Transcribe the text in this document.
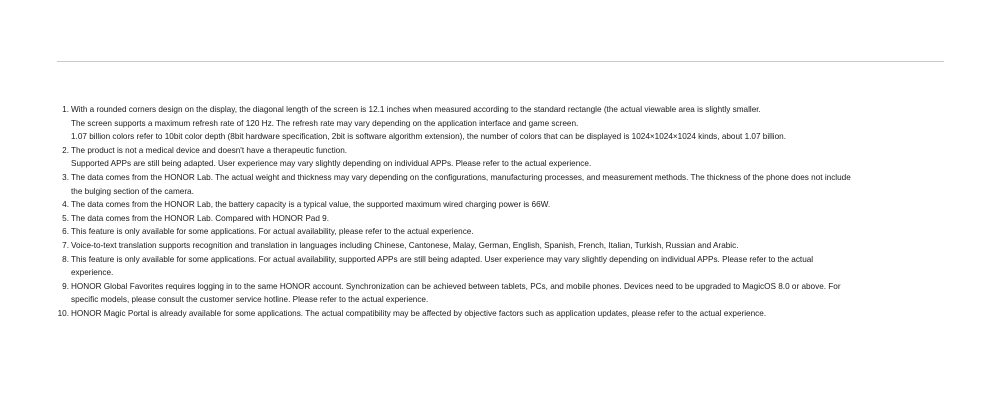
1. With a rounded corners design on the display, the diagonal length of the screen is 12.1 inches when measured according to the standard rectangle (the actual viewable area is slightly smaller.
The screen supports a maximum refresh rate of 120 Hz. The refresh rate may vary depending on the application interface and game screen.
1.07 billion colors refer to 10bit color depth (8bit hardware specification, 2bit is software algorithm extension), the number of colors that can be displayed is 1024×1024×1024 kinds, about 1.07 billion.
2. The product is not a medical device and doesn't have a therapeutic function.
Supported APPs are still being adapted. User experience may vary slightly depending on individual APPs. Please refer to the actual experience.
3. The data comes from the HONOR Lab. The actual weight and thickness may vary depending on the configurations, manufacturing processes, and measurement methods. The thickness of the phone does not include
the bulging section of the camera.
4. The data comes from the HONOR Lab, the battery capacity is a typical value, the supported maximum wired charging power is 66W.
5. The data comes from the HONOR Lab. Compared with HONOR Pad 9.
6. This feature is only available for some applications. For actual availability, please refer to the actual experience.
7. Voice-to-text translation supports recognition and translation in languages including Chinese, Cantonese, Malay, German, English, Spanish, French, Italian, Turkish, Russian and Arabic.
8. This feature is only available for some applications. For actual availability, supported APPs are still being adapted. User experience may vary slightly depending on individual APPs. Please refer to the actual
experience.
9. HONOR Global Favorites requires logging in to the same HONOR account. Synchronization can be achieved between tablets, PCs, and mobile phones. Devices need to be upgraded to MagicOS 8.0 or above. For
specific models, please consult the customer service hotline. Please refer to the actual experience.
10. HONOR Magic Portal is already available for some applications. The actual compatibility may be affected by objective factors such as application updates, please refer to the actual experience.
